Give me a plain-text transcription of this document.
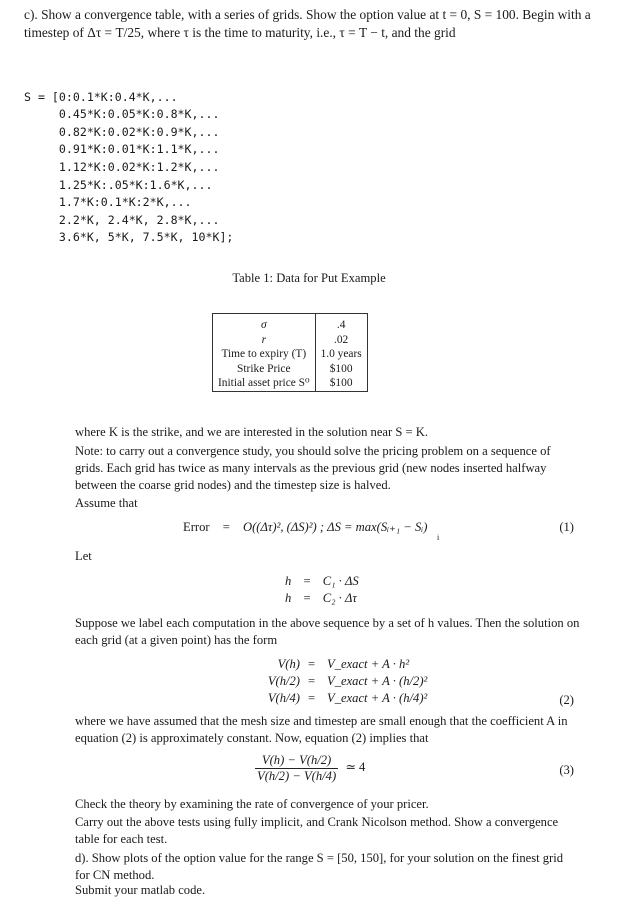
c). Show a convergence table, with a series of grids. Show the option value at t = 0, S = 100. Begin with a timestep of Δτ = T/25, where τ is the time to maturity, i.e., τ = T − t, and the grid

S = [0:0.1*K:0.4*K,...
0.45*K:0.05*K:0.8*K,...
0.82*K:0.02*K:0.9*K,...
0.91*K:0.01*K:1.1*K,...
1.12*K:0.02*K:1.2*K,...
1.25*K:.05*K:1.6*K,...
1.7*K:0.1*K:2*K,...
2.2*K, 2.4*K, 2.8*K,...
3.6*K, 5*K, 7.5*K, 10*K];

Table 1: Data for Put Example

σ	.4
r	.02
Time to expiry (T)	1.0 years
Strike Price	$100
Initial asset price S⁰	$100
where K is the strike, and we are interested in the solution near S = K.
Note: to carry out a convergence study, you should solve the pricing problem on a sequence of grids. Each grid has twice as many intervals as the previous grid (new nodes inserted halfway between the coarse grid nodes) and the timestep size is halved.
Assume that
Error = O((Δτ)², (ΔS)²) ; ΔS = max(Sᵢ₊₁ − Sᵢ)
i
(1)
Let
h = C₁ · ΔS
h = C₂ · Δτ
Suppose we label each computation in the above sequence by a set of h values. Then the solution on each grid (at a given point) has the form
V(h) = V_exact + A · h²
V(h/2) = V_exact + A · (h/2)²
V(h/4) = V_exact + A · (h/4)²	(2)
where we have assumed that the mesh size and timestep are small enough that the coefficient A in equation (2) is approximately constant. Now, equation (2) implies that
$\frac{V(h) - V(h/2)}{V(h/2) - V(h/4)}$ ≃ 4	(3)
Check the theory by examining the rate of convergence of your pricer.
Carry out the above tests using fully implicit, and Crank Nicolson method. Show a convergence table for each test.
d). Show plots of the option value for the range S = [50, 150], for your solution on the finest grid for CN method.
Submit your matlab code.
